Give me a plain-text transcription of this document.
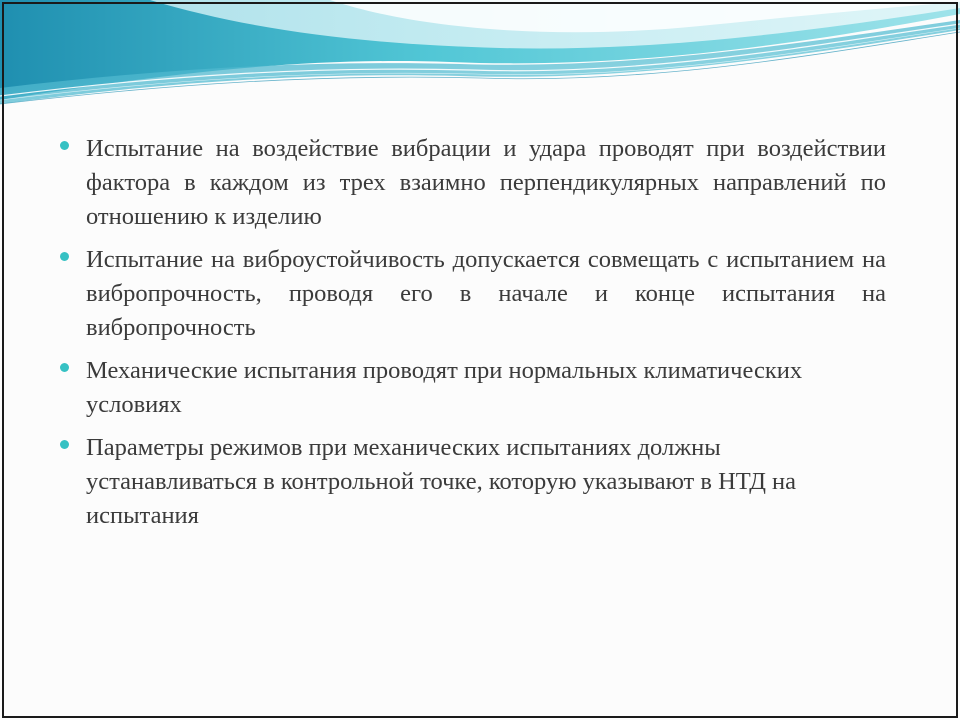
Испытание на воздействие вибрации и удара проводят при воздействии фактора в каждом из трех взаимно перпендикулярных направлений по отношению к изделию
Испытание на виброустойчивость допускается совмещать с испытанием на вибропрочность, проводя его в начале и конце испытания на вибропрочность
Механические испытания проводят при нормальных климатических условиях
Параметры режимов при механических испытаниях должны устанавливаться в контрольной точке, которую указывают в НТД на испытания
